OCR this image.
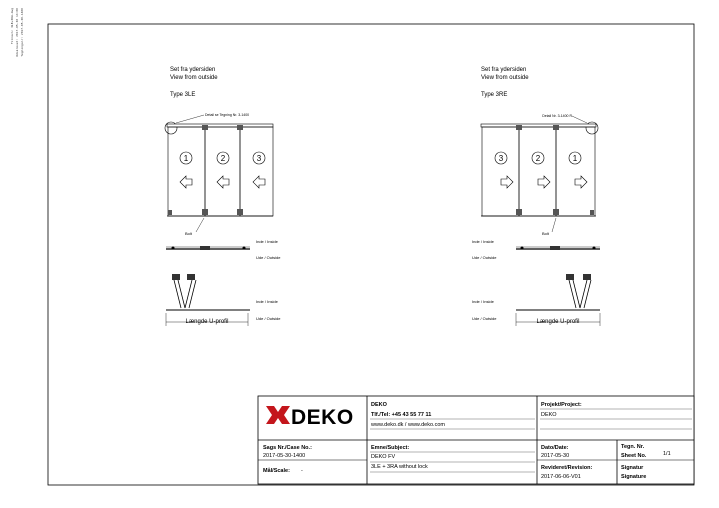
Filnavn: 3LE+3RA.dwg Udskrevet: 2017-05-30 14:00 Tegningsnr: 2017-05-30-1400
Set fra ydersiden
View from outside
Type 3LE
Detail se Tegning Nr. 3-1400
1	2	3
Bolt
Inde / Inside
Ude / Outside
Inde / Inside
Ude / Outside
Længde U-profil
Set fra ydersiden
View from outside
Type 3RE
Detail Nr. 3-1400 R
3	2	1
Bolt
Inde / Inside
Ude / Outside
Inde / Inside
Ude / Outside
Længde U-profil
DEKO
DEKO
Tlf./Tel: +45 43 55 77 11
www.deko.dk / www.deko.com
Projekt/Project:
DEKO
Sags Nr./Case No.:
2017-05-30-1400
Mål/Scale: -
Emne/Subject:
DEKO FV
3LE + 3RA without lock
Dato/Date:
2017-05-30
Revideret/Revision:
2017-06-06-V01
Tegn. Nr.
Sheet No.	1/1
Signatur
Signature
